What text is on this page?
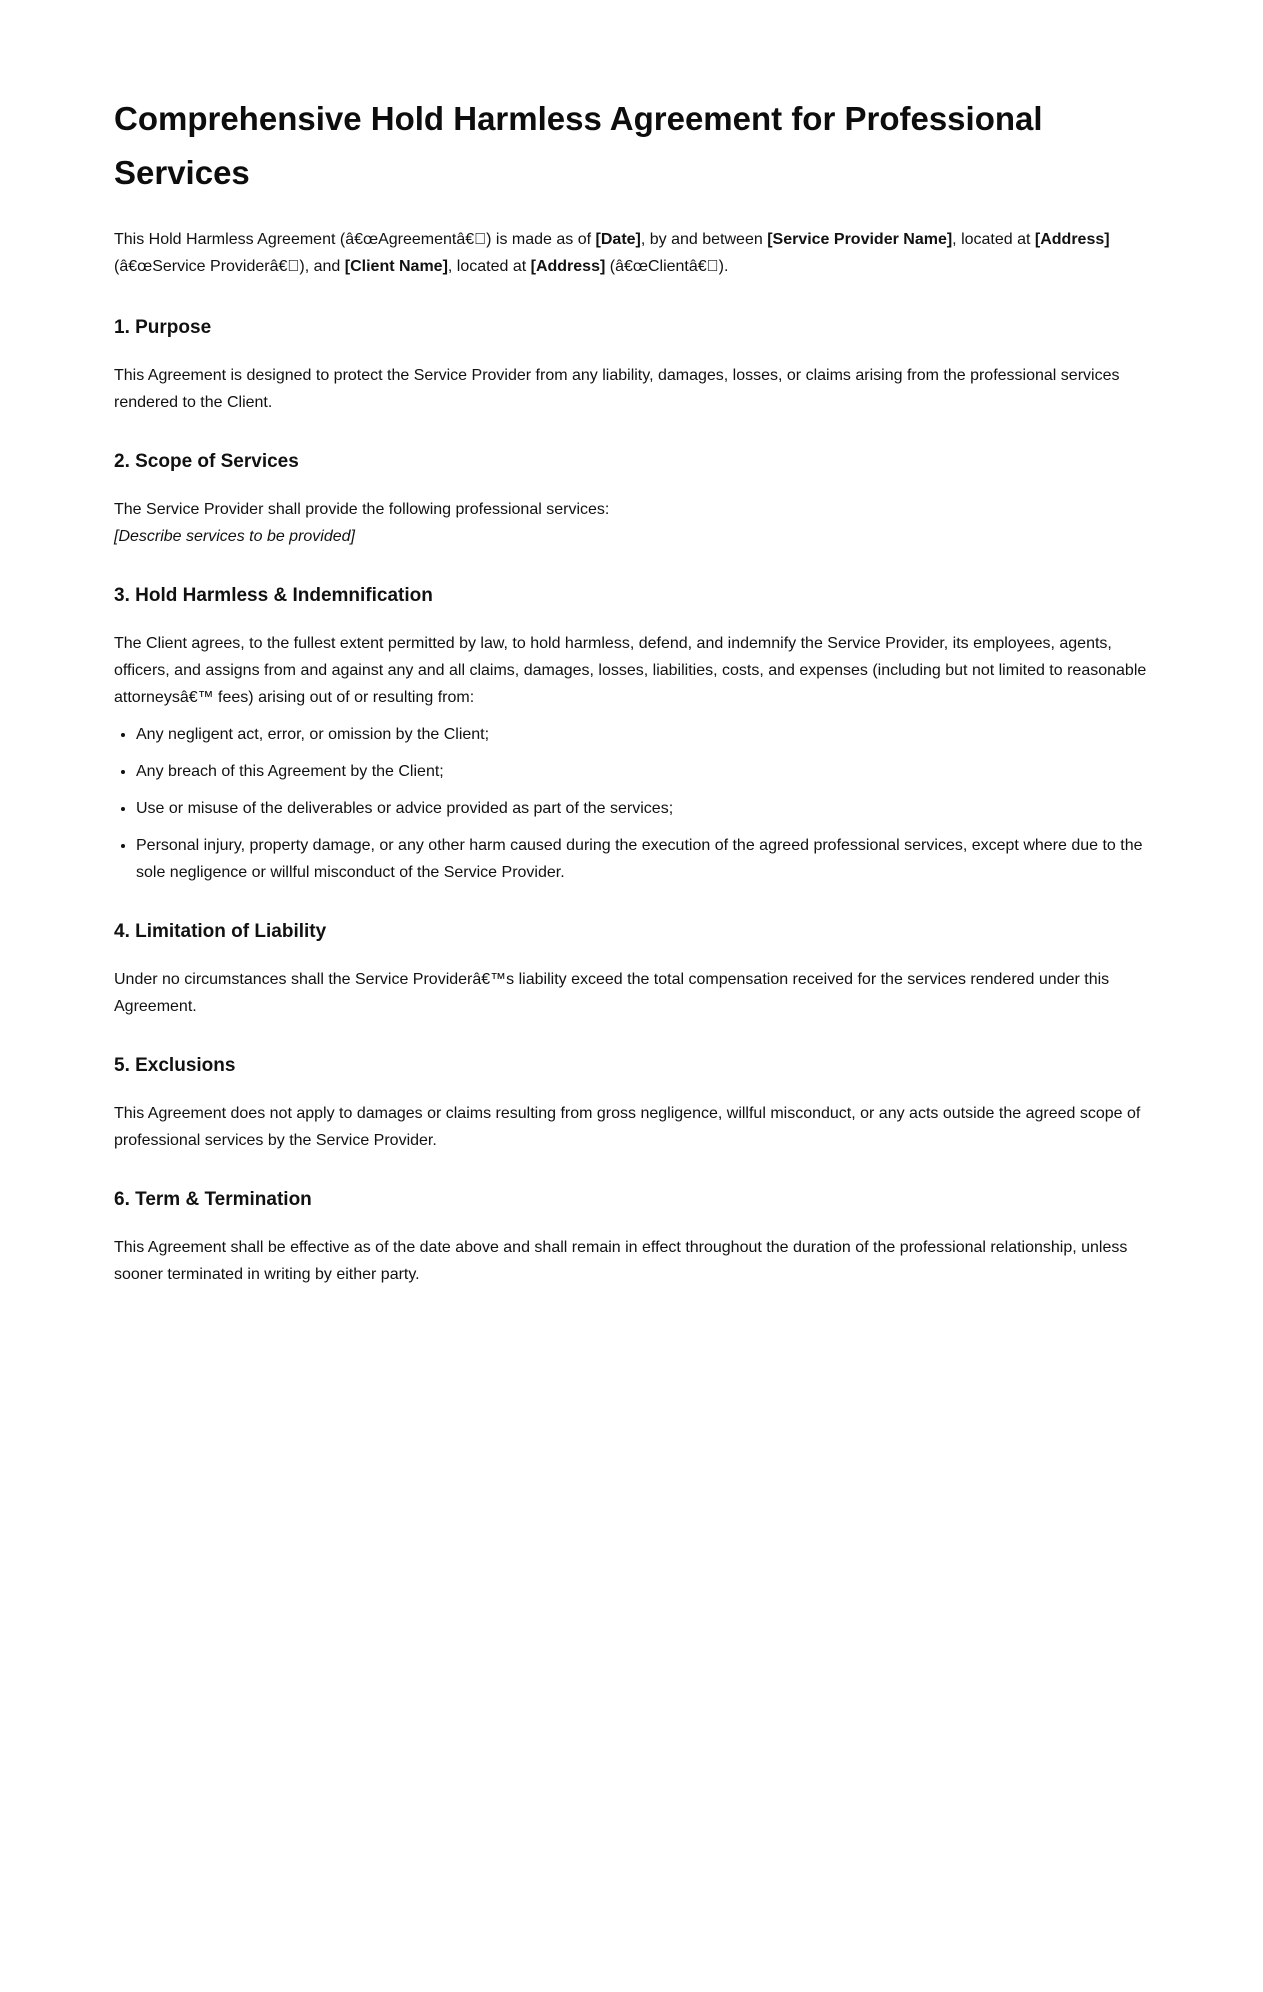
Comprehensive Hold Harmless Agreement for Professional Services

This Hold Harmless Agreement (â€œAgreementâ€ ) is made as of [Date], by and between [Service Provider Name], located at [Address] (â€œService Providerâ€ ), and [Client Name], located at [Address] (â€œClientâ€ ).

1. Purpose

This Agreement is designed to protect the Service Provider from any liability, damages, losses, or claims arising from the professional services rendered to the Client.

2. Scope of Services

The Service Provider shall provide the following professional services:
[Describe services to be provided]

3. Hold Harmless & Indemnification

The Client agrees, to the fullest extent permitted by law, to hold harmless, defend, and indemnify the Service Provider, its employees, agents, officers, and assigns from and against any and all claims, damages, losses, liabilities, costs, and expenses (including but not limited to reasonable attorneysâ€™ fees) arising out of or resulting from:

• Any negligent act, error, or omission by the Client;
• Any breach of this Agreement by the Client;
• Use or misuse of the deliverables or advice provided as part of the services;
• Personal injury, property damage, or any other harm caused during the execution of the agreed professional services, except where due to the sole negligence or willful misconduct of the Service Provider.
4. Limitation of Liability

Under no circumstances shall the Service Providerâ€™s liability exceed the total compensation received for the services rendered under this Agreement.

5. Exclusions

This Agreement does not apply to damages or claims resulting from gross negligence, willful misconduct, or any acts outside the agreed scope of professional services by the Service Provider.

6. Term & Termination

This Agreement shall be effective as of the date above and shall remain in effect throughout the duration of the professional relationship, unless sooner terminated in writing by either party.
